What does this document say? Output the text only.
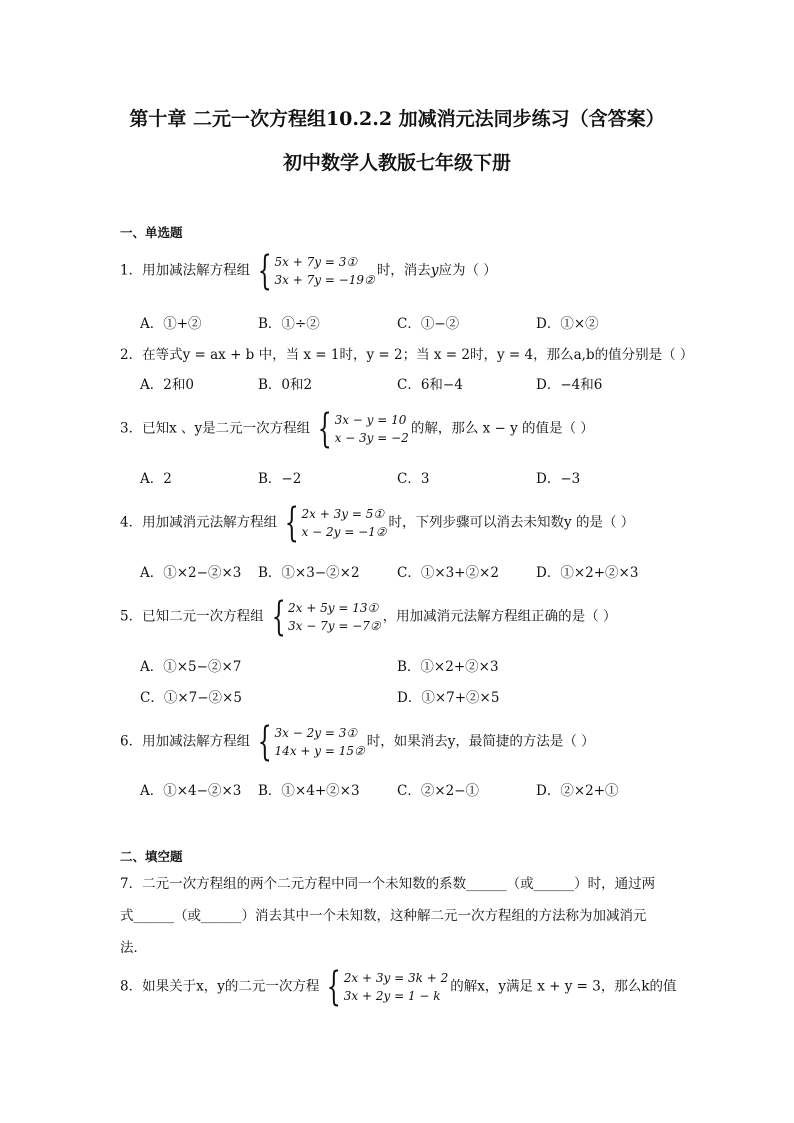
第十章 二元一次方程组10.2.2 加减消元法同步练习（含答案）
初中数学人教版七年级下册
一、单选题
1．用加减法解方程组 { 5x + 7y = 3①
3x + 7y = −19②
时，消去y应为（ ）
A．①+②	B．①÷②	C．①−②	D．①×②
2．在等式y = ax + b 中，当 x = 1时，y = 2；当 x = 2时，y = 4，那么a,b的值分别是（ ）
A．2和0	B．0和2	C．6和−4	D．−4和6
3．已知x 、y是二元一次方程组 { 3x − y = 10
x − 3y = −2
的解，那么 x − y 的值是（ ）
A．2	B．−2	C．3	D．−3
4．用加减消元法解方程组 { 2x + 3y = 5①
x − 2y = −1②
时，下列步骤可以消去未知数y 的是（ ）
A．①×2−②×3 B．①×3−②×2	C．①×3+②×2	D．①×2+②×3
5．已知二元一次方程组 { 2x + 5y = 13①
3x − 7y = −7②
，用加减消元法解方程组正确的是（ ）
A．①×5−②×7	B．①×2+②×3
C．①×7−②×5	D．①×7+②×5
6．用加减法解方程组 { 3x − 2y = 3①
14x + y = 15②
时，如果消去y，最简捷的方法是（ ）
A．①×4−②×3 B．①×4+②×3	C．②×2−①	D．②×2+①
二、填空题
7．二元一次方程组的两个二元方程中同一个未知数的系数______（或______）时，通过两
式______（或______）消去其中一个未知数，这种解二元一次方程组的方法称为加减消元
法．
8．如果关于x，y的二元一次方程 { 2x + 3y = 3k + 2
3x + 2y = 1 − k
的解x，y满足 x + y = 3，那么k的值
